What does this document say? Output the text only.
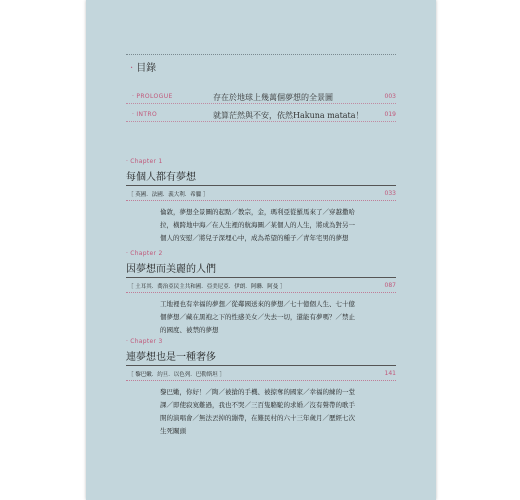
· 目錄
· PROLOGUE	存在於地球上幾萬個夢想的全景圖	003
· INTRO	就算茫然與不安，依然Hakuna matata！	019
· Chapter 1
每個人都有夢想
［ 英國．法國．義大利．希臘 ］	033
倫敦，夢想全景圖的起點／教宗，金，瑪利亞從羅馬來了／穿越撒哈拉，橫跨地中海／在人生裡的航海圖／某個人的人生，將成為對另一個人的安慰／將兒子深埋心中，成為希望的種子／青年宅男的夢想
· Chapter 2
因夢想而美麗的人們
［ 土耳其．喬治亞民主共和國．亞美尼亞．伊朗．阿聯．阿曼 ］	087
工地裡也有幸福的夢想／從鄰國送來的夢想／七十億個人生、七十億個夢想／藏在黑袍之下的性感美女／失去一切，還能有夢嗎？／禁止的國度、被禁的夢想
· Chapter 3
連夢想也是一種奢侈
［ 黎巴嫩．約旦．以色列．巴勒斯坦 ］	141
黎巴嫩，你好！／陶／被搶的手機、被掠奪的國家／幸福的練的一堂課／即使寂寞難過，我也不哭／三百隻駱駝的求婚／沒有聲帶的歌手開的演唱會／無法丟掉的繃帶，在難民村的六十三年歲月／歷經七次生死關頭
